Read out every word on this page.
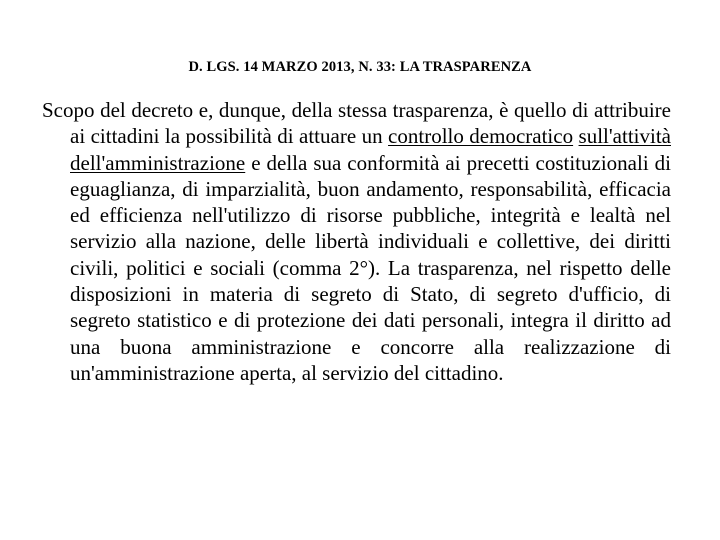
D. LGS. 14 MARZO 2013, N. 33: LA TRASPARENZA

Scopo del decreto e, dunque, della stessa trasparenza, è quello di attribuire ai cittadini la possibilità di attuare un controllo democratico sull'attività dell'amministrazione e della sua conformità ai precetti costituzionali di eguaglianza, di imparzialità, buon andamento, responsabilità, efficacia ed efficienza nell'utilizzo di risorse pubbliche, integrità e lealtà nel servizio alla nazione, delle libertà individuali e collettive, dei diritti civili, politici e sociali (comma 2°). La trasparenza, nel rispetto delle disposizioni in materia di segreto di Stato, di segreto d'ufficio, di segreto statistico e di protezione dei dati personali, integra il diritto ad una buona amministrazione e concorre alla realizzazione di un'amministrazione aperta, al servizio del cittadino.
